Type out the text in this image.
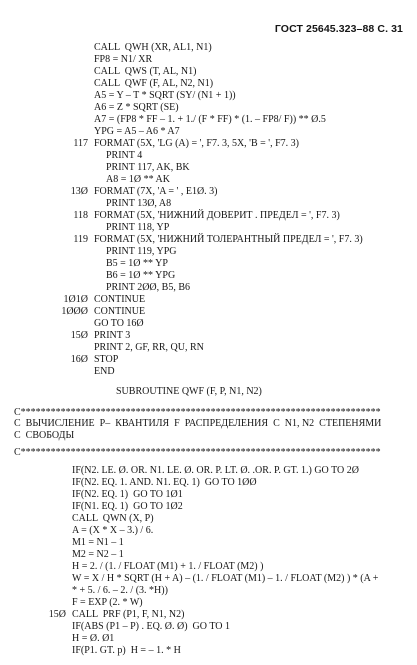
ГОСТ 25645.323–88 С. 31
CALL  QWH (XR, AL1, N1)
FP8 = N1/ XR
CALL  QWS (T, AL, N1)
CALL  QWF (F, AL, N2, N1)
A5 = Y – T * SQRT (SY/ (N1 + 1))
A6 = Z * SQRT (SE)
A7 = (FP8 * FF – 1. + 1./ (F * FF) * (1. – FP8/ F)) ** Ø.5
YPG = A5 – A6 * A7
117 FORMAT (5X, 'LG (A) = ', F7. 3, 5X, 'B = ', F7. 3)
PRINT 4
PRINT 117, AK, BK
A8 = 1Ø ** AK
13Ø FORMAT (7X, 'A = ' , E1Ø. 3)
PRINT 13Ø, A8
118 FORMAT (5X, 'НИЖНИЙ ДОВЕРИТ . ПРЕДЕЛ = ', F7. 3)
PRINT 118, YP
119 FORMAT (5X, 'НИЖНИЙ ТОЛЕРАНТНЫЙ ПРЕДЕЛ = ', F7. 3)
PRINT 119, YPG
B5 = 1Ø ** YP
B6 = 1Ø ** YPG
PRINT 2ØØ, B5, B6
1Ø1Ø CONTINUE
1ØØØ CONTINUE
GO TO 16Ø
15Ø PRINT 3
PRINT 2, GF, RR, QU, RN
16Ø STOP
END
SUBROUTINE QWF (F, P, N1, N2)
C************************************************************************
C  ВЫЧИСЛЕНИЕ  P–  КВАНТИЛЯ  F  РАСПРЕДЕЛЕНИЯ  С  N1, N2  СТЕПЕНЯМИ
C  СВОБОДЫ
C************************************************************************
IF(N2. LE. Ø. OR. N1. LE. Ø. OR. P. LT. Ø. .OR. P. GT. 1.) GO TO 2Ø
IF(N2. EQ. 1. AND. N1. EQ. 1)  GO TO 1ØØ
IF(N2. EQ. 1)  GO TO 1Ø1
IF(N1. EQ. 1)  GO TO 1Ø2
CALL  QWN (X, P)
A = (X * X – 3.) / 6.
M1 = N1 – 1
M2 = N2 – 1
H = 2. / (1. / FLOAT (M1) + 1. / FLOAT (M2) )
W = X / H * SQRT (H + A) – (1. / FLOAT (M1) – 1. / FLOAT (M2) ) * (A +
* + 5. / 6. – 2. / (3. *H))
F = EXP (2. * W)
15Ø CALL  PRF (P1, F, N1, N2)
IF(ABS (P1 – P) . EQ. Ø. Ø)  GO TO 1
H = Ø. Ø1
IF(P1. GT. p)  H = – 1. * H
